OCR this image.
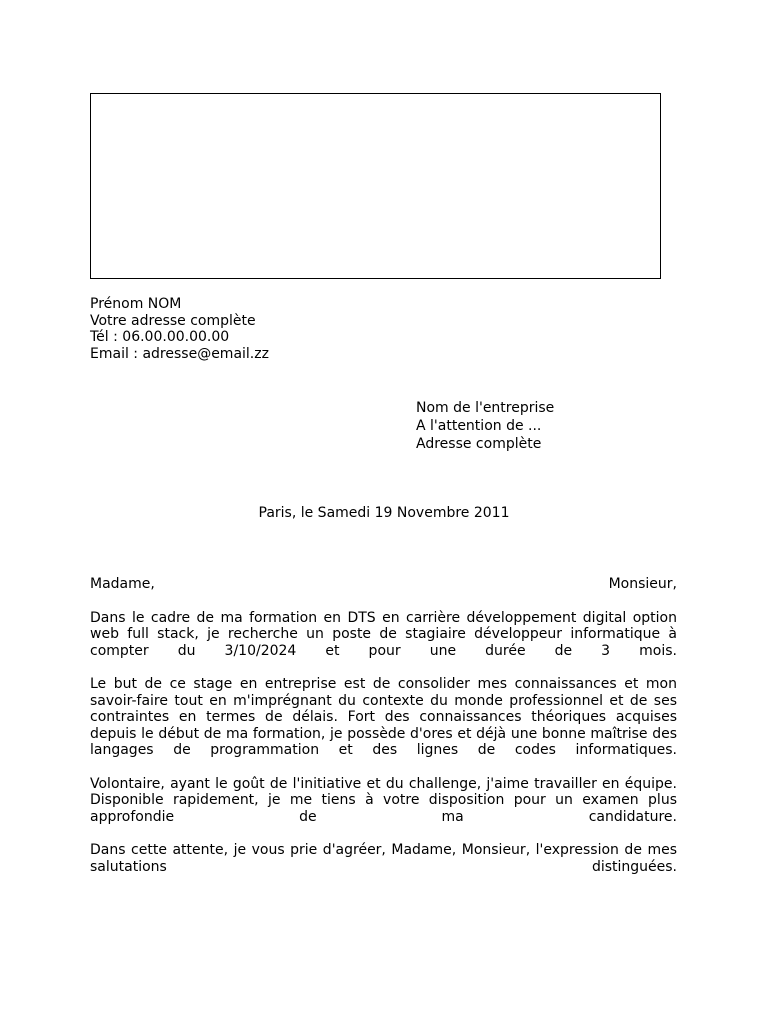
Prénom NOM
Votre adresse complète
Tél : 06.00.00.00.00
Email : adresse@email.zz
Nom de l'entreprise
A l'attention de ...
Adresse complète
Paris, le Samedi 19 Novembre 2011
Madame,	Monsieur,

Dans le cadre de ma formation en DTS en carrière développement digital option web full stack, je recherche un poste de stagiaire développeur informatique à compter du 3/10/2024 et pour une durée de 3 mois.

Le but de ce stage en entreprise est de consolider mes connaissances et mon savoir-faire tout en m'imprégnant du contexte du monde professionnel et de ses contraintes en termes de délais. Fort des connaissances théoriques acquises depuis le début de ma formation, je possède d'ores et déjà une bonne maîtrise des langages de programmation et des lignes de codes informatiques.

Volontaire, ayant le goût de l'initiative et du challenge, j'aime travailler en équipe. Disponible rapidement, je me tiens à votre disposition pour un examen plus approfondie de ma candidature.

Dans cette attente, je vous prie d'agréer, Madame, Monsieur, l'expression de mes salutations distinguées.
